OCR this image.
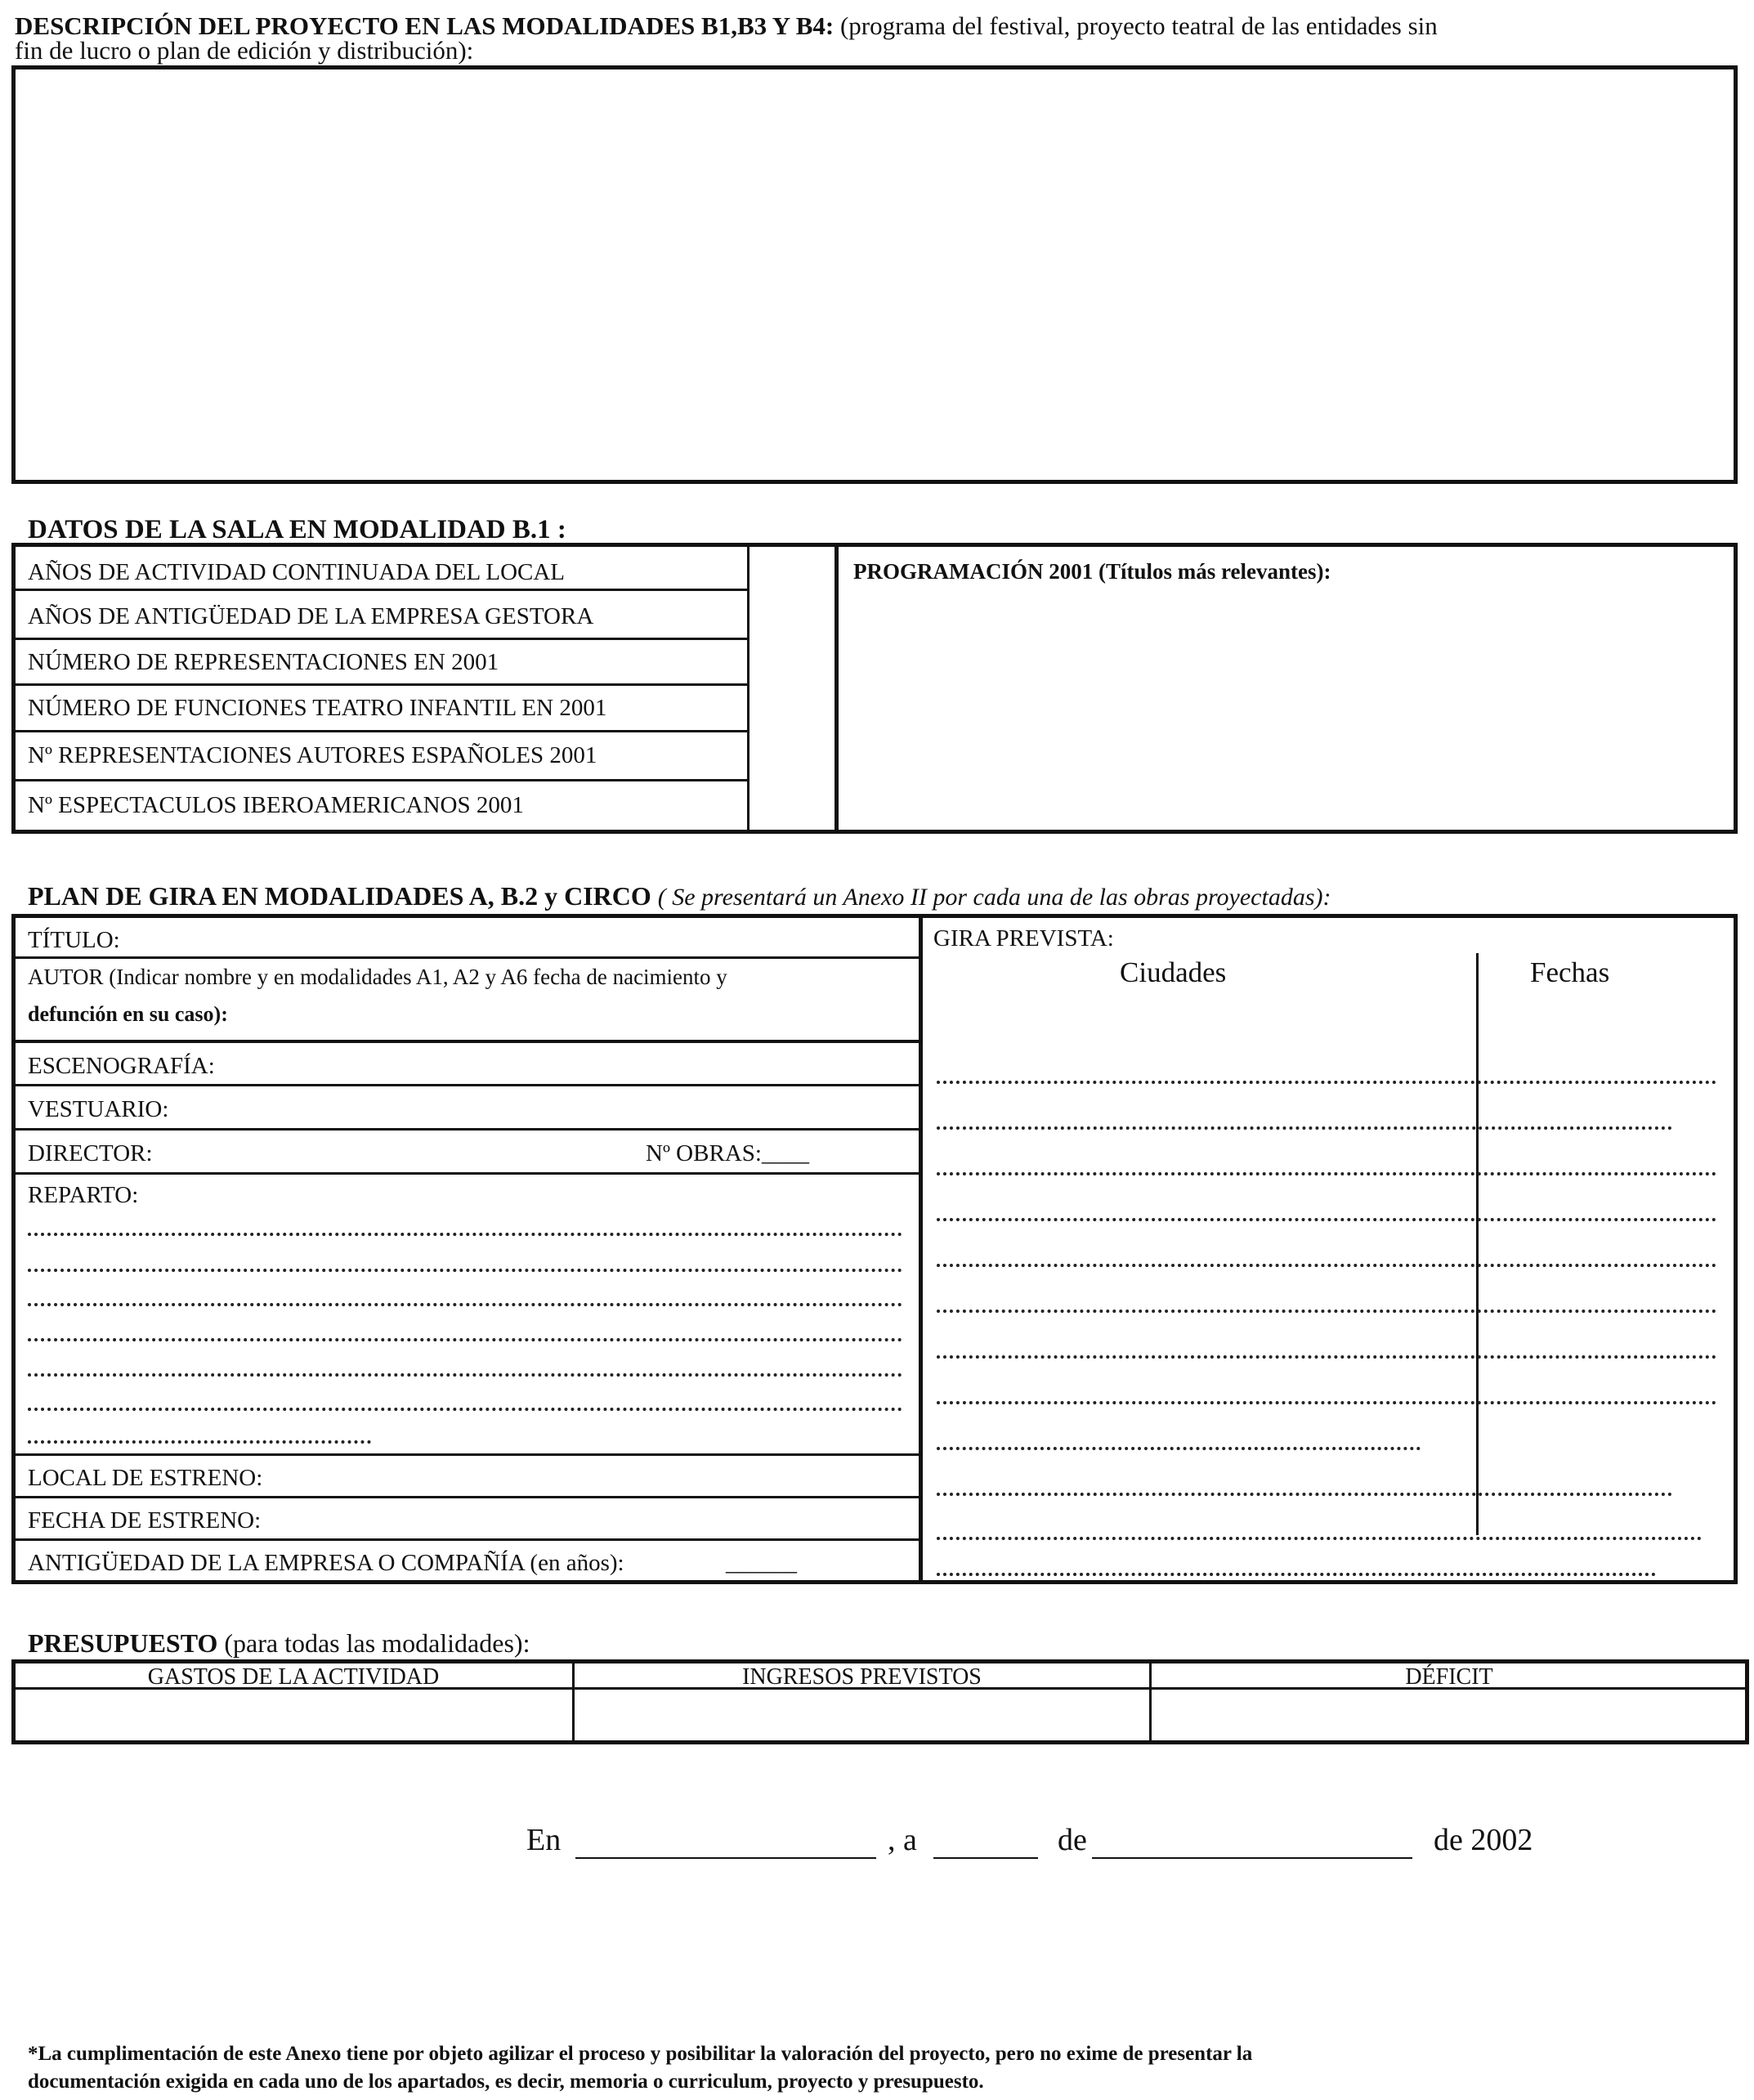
DESCRIPCIÓN DEL PROYECTO EN LAS MODALIDADES B1,B3 Y B4: (programa del festival, proyecto teatral de las entidades sin
fin de lucro o plan de edición y distribución):
DATOS DE LA SALA EN MODALIDAD B.1 :
AÑOS DE ACTIVIDAD CONTINUADA DEL LOCAL
AÑOS DE ANTIGÜEDAD DE LA EMPRESA GESTORA
NÚMERO DE REPRESENTACIONES EN 2001
NÚMERO DE FUNCIONES TEATRO INFANTIL EN 2001
Nº REPRESENTACIONES AUTORES ESPAÑOLES 2001
Nº ESPECTACULOS IBEROAMERICANOS 2001
PROGRAMACIÓN 2001 (Títulos más relevantes):
PLAN DE GIRA EN MODALIDADES A, B.2 y CIRCO ( Se presentará un Anexo II por cada una de las obras proyectadas):
TÍTULO:
AUTOR (Indicar nombre y en modalidades A1, A2 y A6 fecha de nacimiento y
defunción en su caso):
ESCENOGRAFÍA:
VESTUARIO:
DIRECTOR:	Nº OBRAS:____
REPARTO:
LOCAL DE ESTRENO:
FECHA DE ESTRENO:
ANTIGÜEDAD DE LA EMPRESA O COMPAÑÍA (en años):	______
GIRA PREVISTA:
Ciudades	Fechas
PRESUPUESTO (para todas las modalidades):
GASTOS DE LA ACTIVIDAD	INGRESOS PREVISTOS	DÉFICIT
En	, a	de	de 2002
*La cumplimentación de este Anexo tiene por objeto agilizar el proceso y posibilitar la valoración del proyecto, pero no exime de presentar la
documentación exigida en cada uno de los apartados, es decir, memoria o curriculum, proyecto y presupuesto.
